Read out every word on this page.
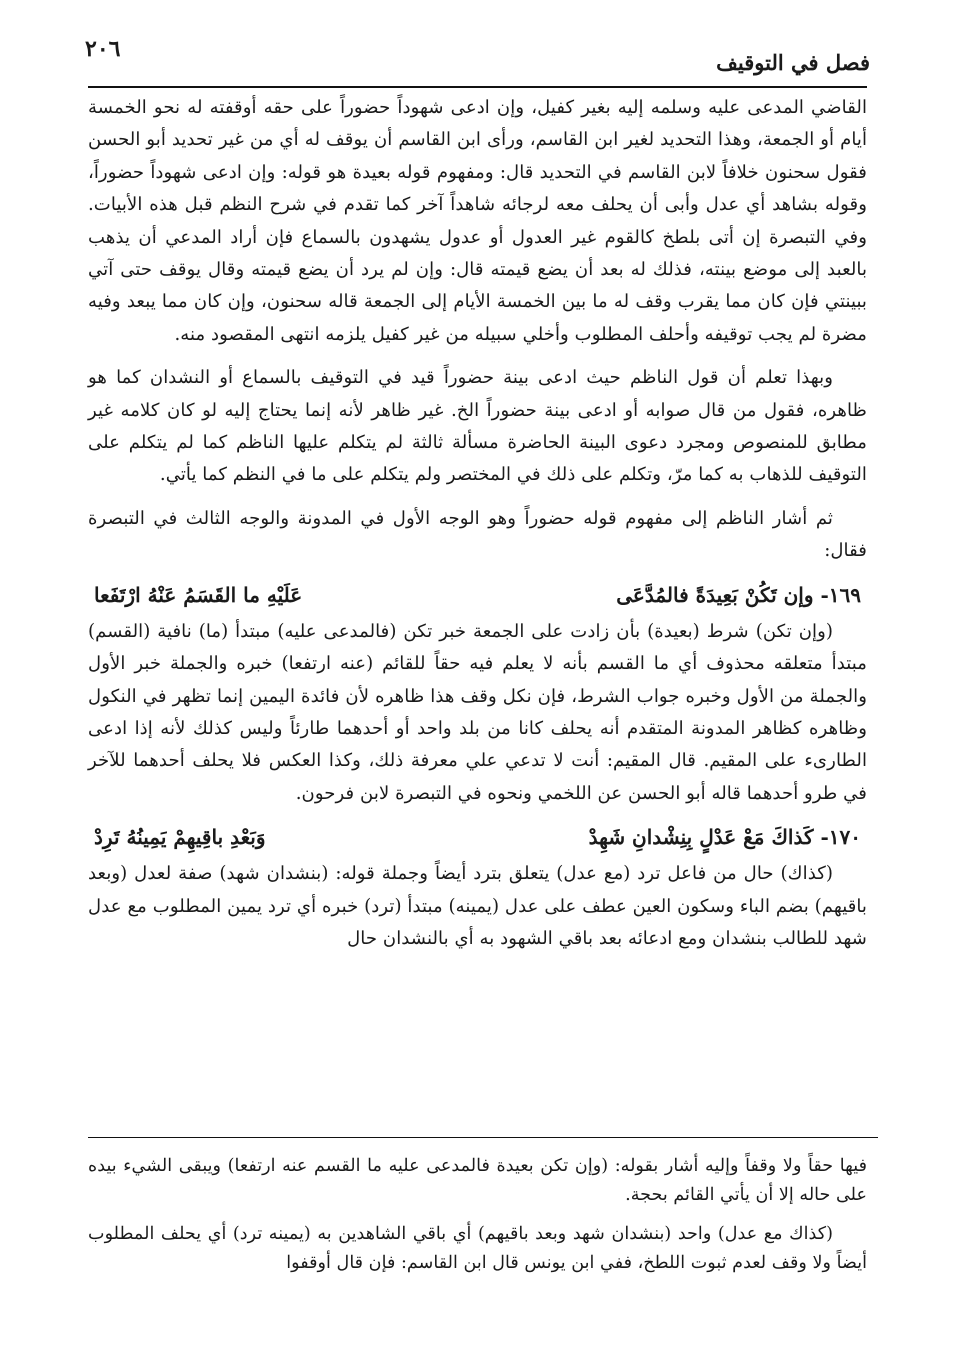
٢٠٦
فصل في التوقيف

القاضي المدعى عليه وسلمه إليه بغير كفيل، وإن ادعى شهوداً حضوراً على حقه أوقفته له نحو الخمسة أيام أو الجمعة، وهذا التحديد لغير ابن القاسم، ورأى ابن القاسم أن يوقف له أي من غير تحديد أبو الحسن فقول سحنون خلافاً لابن القاسم في التحديد قال: ومفهوم قوله بعيدة هو قوله: وإن ادعى شهوداً حضوراً، وقوله بشاهد أي عدل وأبى أن يحلف معه لرجائه شاهداً آخر كما تقدم في شرح النظم قبل هذه الأبيات. وفي التبصرة إن أتى بلطخ كالقوم غير العدول أو عدول يشهدون بالسماع فإن أراد المدعي أن يذهب بالعبد إلى موضع بينته، فذلك له بعد أن يضع قيمته قال: وإن لم يرد أن يضع قيمته وقال يوقف حتى آتي ببينتي فإن كان مما يقرب وقف له ما بين الخمسة الأيام إلى الجمعة قاله سحنون، وإن كان مما يبعد وفيه مضرة لم يجب توقيفه وأحلف المطلوب وأخلي سبيله من غير كفيل يلزمه انتهى المقصود منه.

وبهذا تعلم أن قول الناظم حيث ادعى بينة حضوراً قيد في التوقيف بالسماع أو النشدان كما هو ظاهره، فقول من قال صوابه أو ادعى بينة حضوراً الخ. غير ظاهر لأنه إنما يحتاج إليه لو كان كلامه غير مطابق للمنصوص ومجرد دعوى البينة الحاضرة مسألة ثالثة لم يتكلم عليها الناظم كما لم يتكلم على التوقيف للذهاب به كما مرّ، وتكلم على ذلك في المختصر ولم يتكلم على ما في النظم كما يأتي.

ثم أشار الناظم إلى مفهوم قوله حضوراً وهو الوجه الأول في المدونة والوجه الثالث في التبصرة فقال:

١٦٩- وإن تَكُنْ بَعِيدَةً فالمُدَّعَى
عَلَيْهِ ما القَسَمُ عَنْهُ ارْتَفَعا

(وإن تكن) شرط (بعيدة) بأن زادت على الجمعة خبر تكن (فالمدعى عليه) مبتدأ (ما) نافية (القسم) مبتدأ متعلقه محذوف أي ما القسم بأنه لا يعلم فيه حقاً للقائم (عنه ارتفعا) خبره والجملة خبر الأول والجملة من الأول وخبره جواب الشرط، فإن نكل وقف هذا ظاهره لأن فائدة اليمين إنما تظهر في النكول وظاهره كظاهر المدونة المتقدم أنه يحلف كانا من بلد واحد أو أحدهما طارئاً وليس كذلك لأنه إذا ادعى الطارىء على المقيم. قال المقيم: أنت لا تدعي علي معرفة ذلك، وكذا العكس فلا يحلف أحدهما للآخر في طرو أحدهما قاله أبو الحسن عن اللخمي ونحوه في التبصرة لابن فرحون.

١٧٠- كَذاكَ مَعْ عَدْلٍ بِنِشْدانِ شَهِدْ
وَبَعْدِ باقِيهِمْ يَمِينُهُ تَرِدْ

(كذاك) حال من فاعل ترد (مع عدل) يتعلق بترد أيضاً وجملة قوله: (بنشدان شهد) صفة لعدل (وبعد باقيهم) بضم الباء وسكون العين عطف على عدل (يمينه) مبتدأ (ترد) خبره أي ترد يمين المطلوب مع عدل شهد للطالب بنشدان ومع ادعائه بعد باقي الشهود به أي بالنشدان حال

فيها حقاً ولا وقفاً وإليه أشار بقوله: (وإن تكن بعيدة فالمدعى عليه ما القسم عنه ارتفعا) ويبقى الشيء بيده على حاله إلا أن يأتي القائم بحجة.

(كذاك مع عدل) واحد (بنشدان شهد وبعد باقيهم) أي باقي الشاهدين به (يمينه ترد) أي يحلف المطلوب أيضاً ولا وقف لعدم ثبوت اللطخ، ففي ابن يونس قال ابن القاسم: فإن قال أوقفوا
